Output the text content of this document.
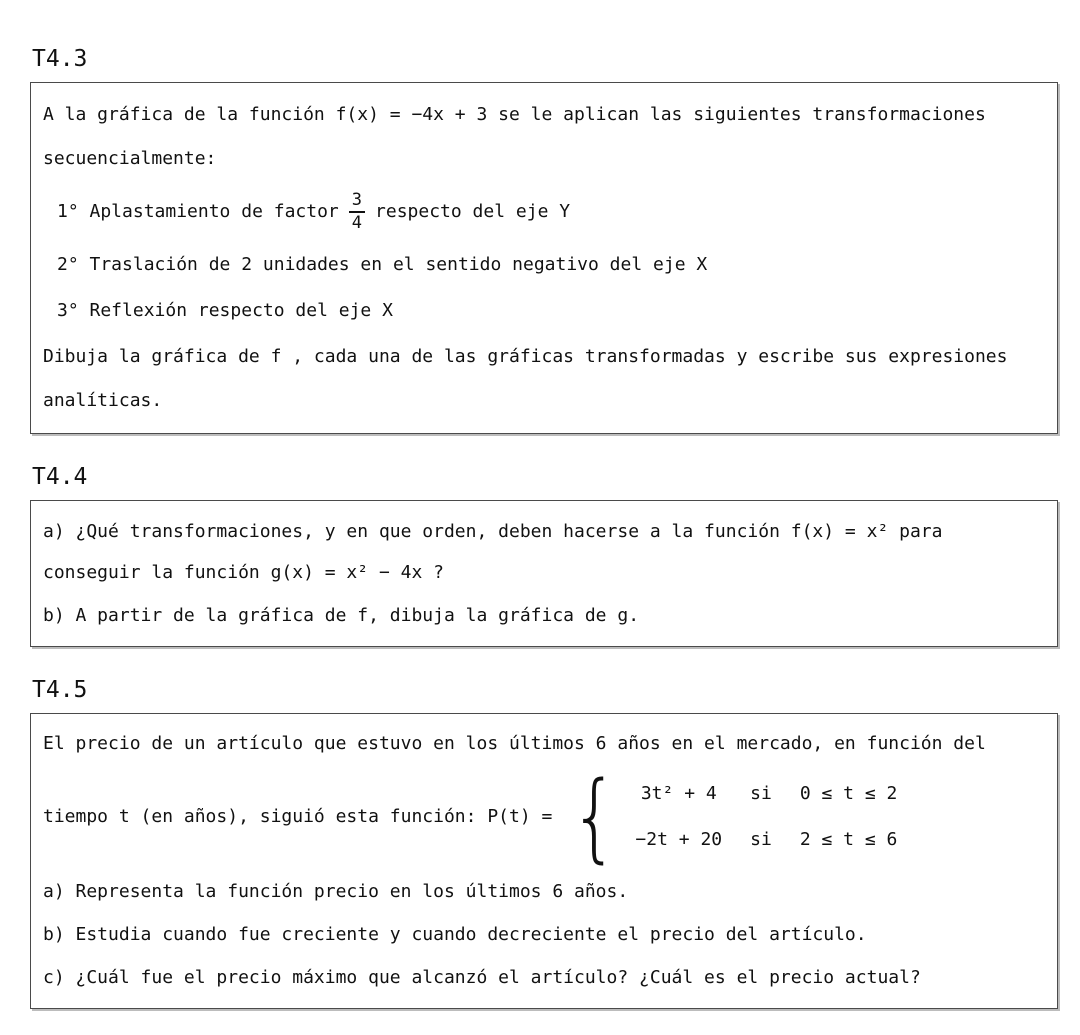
T4.3

A la gráfica de la función f(x) = −4x + 3 se le aplican las siguientes transformaciones secuencialmente:

1° Aplastamiento de factor $\frac{3}{4}$ respecto del eje Y

2° Traslación de 2 unidades en el sentido negativo del eje X

3° Reflexión respecto del eje X

Dibuja la gráfica de f , cada una de las gráficas transformadas y escribe sus expresiones analíticas.

T4.4

a) ¿Qué transformaciones, y en que orden, deben hacerse a la función f(x) = x² para conseguir la función g(x) = x² − 4x ?

b) A partir de la gráfica de f, dibuja la gráfica de g.

T4.5

El precio de un artículo que estuvo en los últimos 6 años en el mercado, en función del

tiempo t (en años), siguió esta función: P(t) = { 3t² + 4 si 0 ≤ t ≤ 2
−2t + 20 si 2 ≤ t ≤ 6

a) Representa la función precio en los últimos 6 años.

b) Estudia cuando fue creciente y cuando decreciente el precio del artículo.

c) ¿Cuál fue el precio máximo que alcanzó el artículo? ¿Cuál es el precio actual?
